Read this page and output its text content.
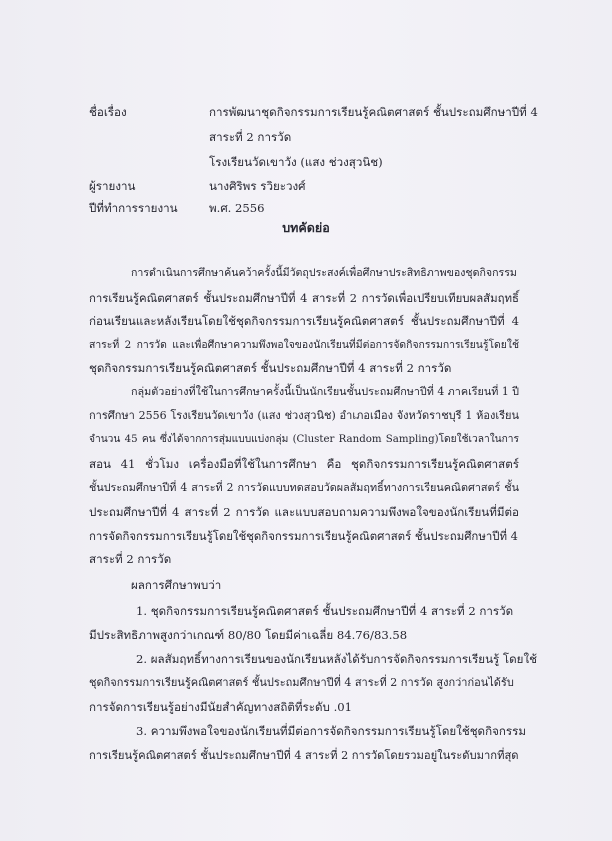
ชื่อเรื่อง	การพัฒนาชุดกิจกรรมการเรียนรู้คณิตศาสตร์ ชั้นประถมศึกษาปีที่ 4
สาระที่ 2 การวัด
โรงเรียนวัดเขาวัง (แสง ช่วงสุวนิช)
ผู้รายงาน	นางศิริพร รวิยะวงศ์
ปีที่ทำการรายงาน	พ.ศ. 2556
บทคัดย่อ
การดำเนินการศึกษาค้นคว้าครั้งนี้มีวัตถุประสงค์เพื่อศึกษาประสิทธิภาพของชุดกิจกรรม
การเรียนรู้คณิตศาสตร์ ชั้นประถมศึกษาปีที่ 4 สาระที่ 2 การวัดเพื่อเปรียบเทียบผลสัมฤทธิ์
ก่อนเรียนและหลังเรียนโดยใช้ชุดกิจกรรมการเรียนรู้คณิตศาสตร์ ชั้นประถมศึกษาปีที่ 4
สาระที่ 2 การวัด และเพื่อศึกษาความพึงพอใจของนักเรียนที่มีต่อการจัดกิจกรรมการเรียนรู้โดยใช้
ชุดกิจกรรมการเรียนรู้คณิตศาสตร์ ชั้นประถมศึกษาปีที่ 4 สาระที่ 2 การวัด
กลุ่มตัวอย่างที่ใช้ในการศึกษาครั้งนี้เป็นนักเรียนชั้นประถมศึกษาปีที่ 4 ภาคเรียนที่ 1 ปี
การศึกษา 2556 โรงเรียนวัดเขาวัง (แสง ช่วงสุวนิช) อำเภอเมือง จังหวัดราชบุรี 1 ห้องเรียน
จำนวน 45 คน ซึ่งได้จากการสุ่มแบบแบ่งกลุ่ม (Cluster Random Sampling)โดยใช้เวลาในการ
สอน 41 ชั่วโมง เครื่องมือที่ใช้ในการศึกษา คือ ชุดกิจกรรมการเรียนรู้คณิตศาสตร์
ชั้นประถมศึกษาปีที่ 4 สาระที่ 2 การวัดแบบทดสอบวัดผลสัมฤทธิ์ทางการเรียนคณิตศาสตร์ ชั้น
ประถมศึกษาปีที่ 4 สาระที่ 2 การวัด และแบบสอบถามความพึงพอใจของนักเรียนที่มีต่อ
การจัดกิจกรรมการเรียนรู้โดยใช้ชุดกิจกรรมการเรียนรู้คณิตศาสตร์ ชั้นประถมศึกษาปีที่ 4
สาระที่ 2 การวัด
ผลการศึกษาพบว่า
1. ชุดกิจกรรมการเรียนรู้คณิตศาสตร์ ชั้นประถมศึกษาปีที่ 4 สาระที่ 2 การวัด
มีประสิทธิภาพสูงกว่าเกณฑ์ 80/80 โดยมีค่าเฉลี่ย 84.76/83.58
2. ผลสัมฤทธิ์ทางการเรียนของนักเรียนหลังได้รับการจัดกิจกรรมการเรียนรู้ โดยใช้
ชุดกิจกรรมการเรียนรู้คณิตศาสตร์ ชั้นประถมศึกษาปีที่ 4 สาระที่ 2 การวัด สูงกว่าก่อนได้รับ
การจัดการเรียนรู้อย่างมีนัยสำคัญทางสถิติที่ระดับ .01
3. ความพึงพอใจของนักเรียนที่มีต่อการจัดกิจกรรมการเรียนรู้โดยใช้ชุดกิจกรรม
การเรียนรู้คณิตศาสตร์ ชั้นประถมศึกษาปีที่ 4 สาระที่ 2 การวัดโดยรวมอยู่ในระดับมากที่สุด
